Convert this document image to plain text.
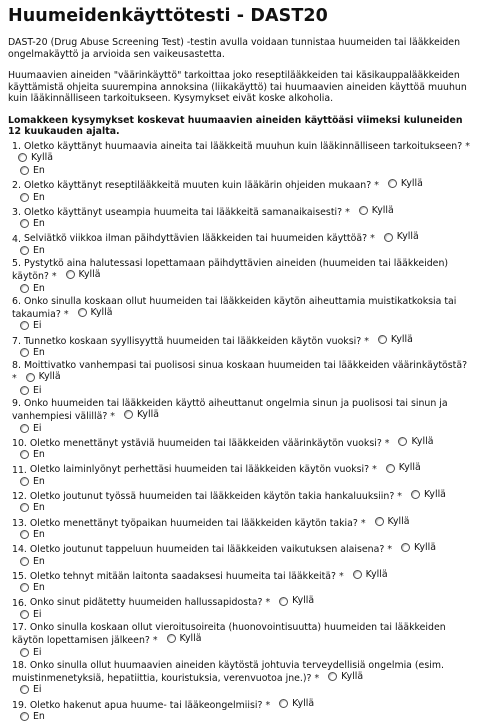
Huumeidenkäyttötesti - DAST20

DAST-20 (Drug Abuse Screening Test) -testin avulla voidaan tunnistaa huumeiden tai lääkkeiden ongelmakäyttö ja arvioida sen vaikeusastetta.

Huumaavien aineiden "väärinkäyttö" tarkoittaa joko reseptilääkkeiden tai käsikauppalääkkeiden käyttämistä ohjeita suurempina annoksina (liikakäyttö) tai huumaavien aineiden käyttöä muuhun kuin lääkinnälliseen tarkoitukseen. Kysymykset eivät koske alkoholia.

Lomakkeen kysymykset koskevat huumaavien aineiden käyttöäsi viimeksi kuluneiden 12 kuukauden ajalta.

1. Oletko käyttänyt huumaavia aineita tai lääkkeitä muuhun kuin lääkinnälliseen tarkoitukseen? *
Kyllä
En
2. Oletko käyttänyt reseptilääkkeitä muuten kuin lääkärin ohjeiden mukaan? * Kyllä
En
3. Oletko käyttänyt useampia huumeita tai lääkkeitä samanaikaisesti? * Kyllä
En
4. Selviätkö viikkoa ilman päihdyttävien lääkkeiden tai huumeiden käyttöä? * Kyllä
En
5. Pystytkö aina halutessasi lopettamaan päihdyttävien aineiden (huumeiden tai lääkkeiden) käytön? * Kyllä
En
6. Onko sinulla koskaan ollut huumeiden tai lääkkeiden käytön aiheuttamia muistikatkoksia tai takaumia? * Kyllä
Ei
7. Tunnetko koskaan syyllisyyttä huumeiden tai lääkkeiden käytön vuoksi? * Kyllä
En
8. Moittivatko vanhempasi tai puolisosi sinua koskaan huumeiden tai lääkkeiden väärinkäytöstä? * Kyllä
Ei
9. Onko huumeiden tai lääkkeiden käyttö aiheuttanut ongelmia sinun ja puolisosi tai sinun ja vanhempiesi välillä? * Kyllä
Ei
10. Oletko menettänyt ystäviä huumeiden tai lääkkeiden väärinkäytön vuoksi? * Kyllä
En
11. Oletko laiminlyönyt perhettäsi huumeiden tai lääkkeiden käytön vuoksi? * Kyllä
En
12. Oletko joutunut työssä huumeiden tai lääkkeiden käytön takia hankaluuksiin? * Kyllä
En
13. Oletko menettänyt työpaikan huumeiden tai lääkkeiden käytön takia? * Kyllä
En
14. Oletko joutunut tappeluun huumeiden tai lääkkeiden vaikutuksen alaisena? * Kyllä
En
15. Oletko tehnyt mitään laitonta saadaksesi huumeita tai lääkkeitä? * Kyllä
En
16. Onko sinut pidätetty huumeiden hallussapidosta? * Kyllä
Ei
17. Onko sinulla koskaan ollut vieroitusoireita (huonovointisuutta) huumeiden tai lääkkeiden käytön lopettamisen jälkeen? * Kyllä
Ei
18. Onko sinulla ollut huumaavien aineiden käytöstä johtuvia terveydellisiä ongelmia (esim. muistinmenetyksiä, hepatiittia, kouristuksia, verenvuotoa jne.)? * Kyllä
Ei
19. Oletko hakenut apua huume- tai lääkeongelmiisi? * Kyllä
En
